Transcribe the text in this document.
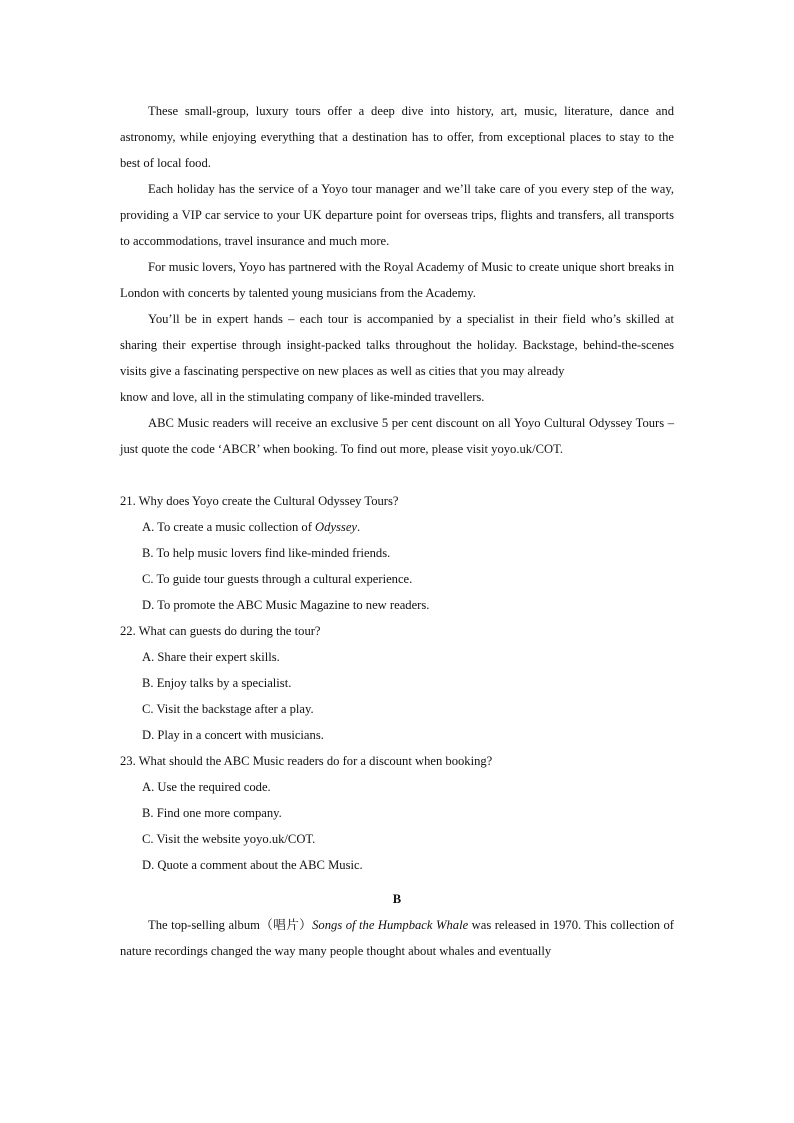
These small-group, luxury tours offer a deep dive into history, art, music, literature, dance and astronomy, while enjoying everything that a destination has to offer, from exceptional places to stay to the best of local food.

Each holiday has the service of a Yoyo tour manager and we’ll take care of you every step of the way, providing a VIP car service to your UK departure point for overseas trips, flights and transfers, all transports to accommodations, travel insurance and much more.

For music lovers, Yoyo has partnered with the Royal Academy of Music to create unique short breaks in London with concerts by talented young musicians from the Academy.

You’ll be in expert hands – each tour is accompanied by a specialist in their field who’s skilled at sharing their expertise through insight-packed talks throughout the holiday. Backstage, behind-the-scenes visits give a fascinating perspective on new places as well as cities that you may already

know and love, all in the stimulating company of like-minded travellers.

ABC Music readers will receive an exclusive 5 per cent discount on all Yoyo Cultural Odyssey Tours – just quote the code ‘ABCR’ when booking. To find out more, please visit yoyo.uk/COT.

21. Why does Yoyo create the Cultural Odyssey Tours?

A. To create a music collection of Odyssey.

B. To help music lovers find like-minded friends.

C. To guide tour guests through a cultural experience.

D. To promote the ABC Music Magazine to new readers.

22. What can guests do during the tour?

A. Share their expert skills.

B. Enjoy talks by a specialist.

C. Visit the backstage after a play.

D. Play in a concert with musicians.

23. What should the ABC Music readers do for a discount when booking?

A. Use the required code.

B. Find one more company.

C. Visit the website yoyo.uk/COT.

D. Quote a comment about the ABC Music.

B

The top-selling album（唱片）Songs of the Humpback Whale was released in 1970. This collection of nature recordings changed the way many people thought about whales and eventually
